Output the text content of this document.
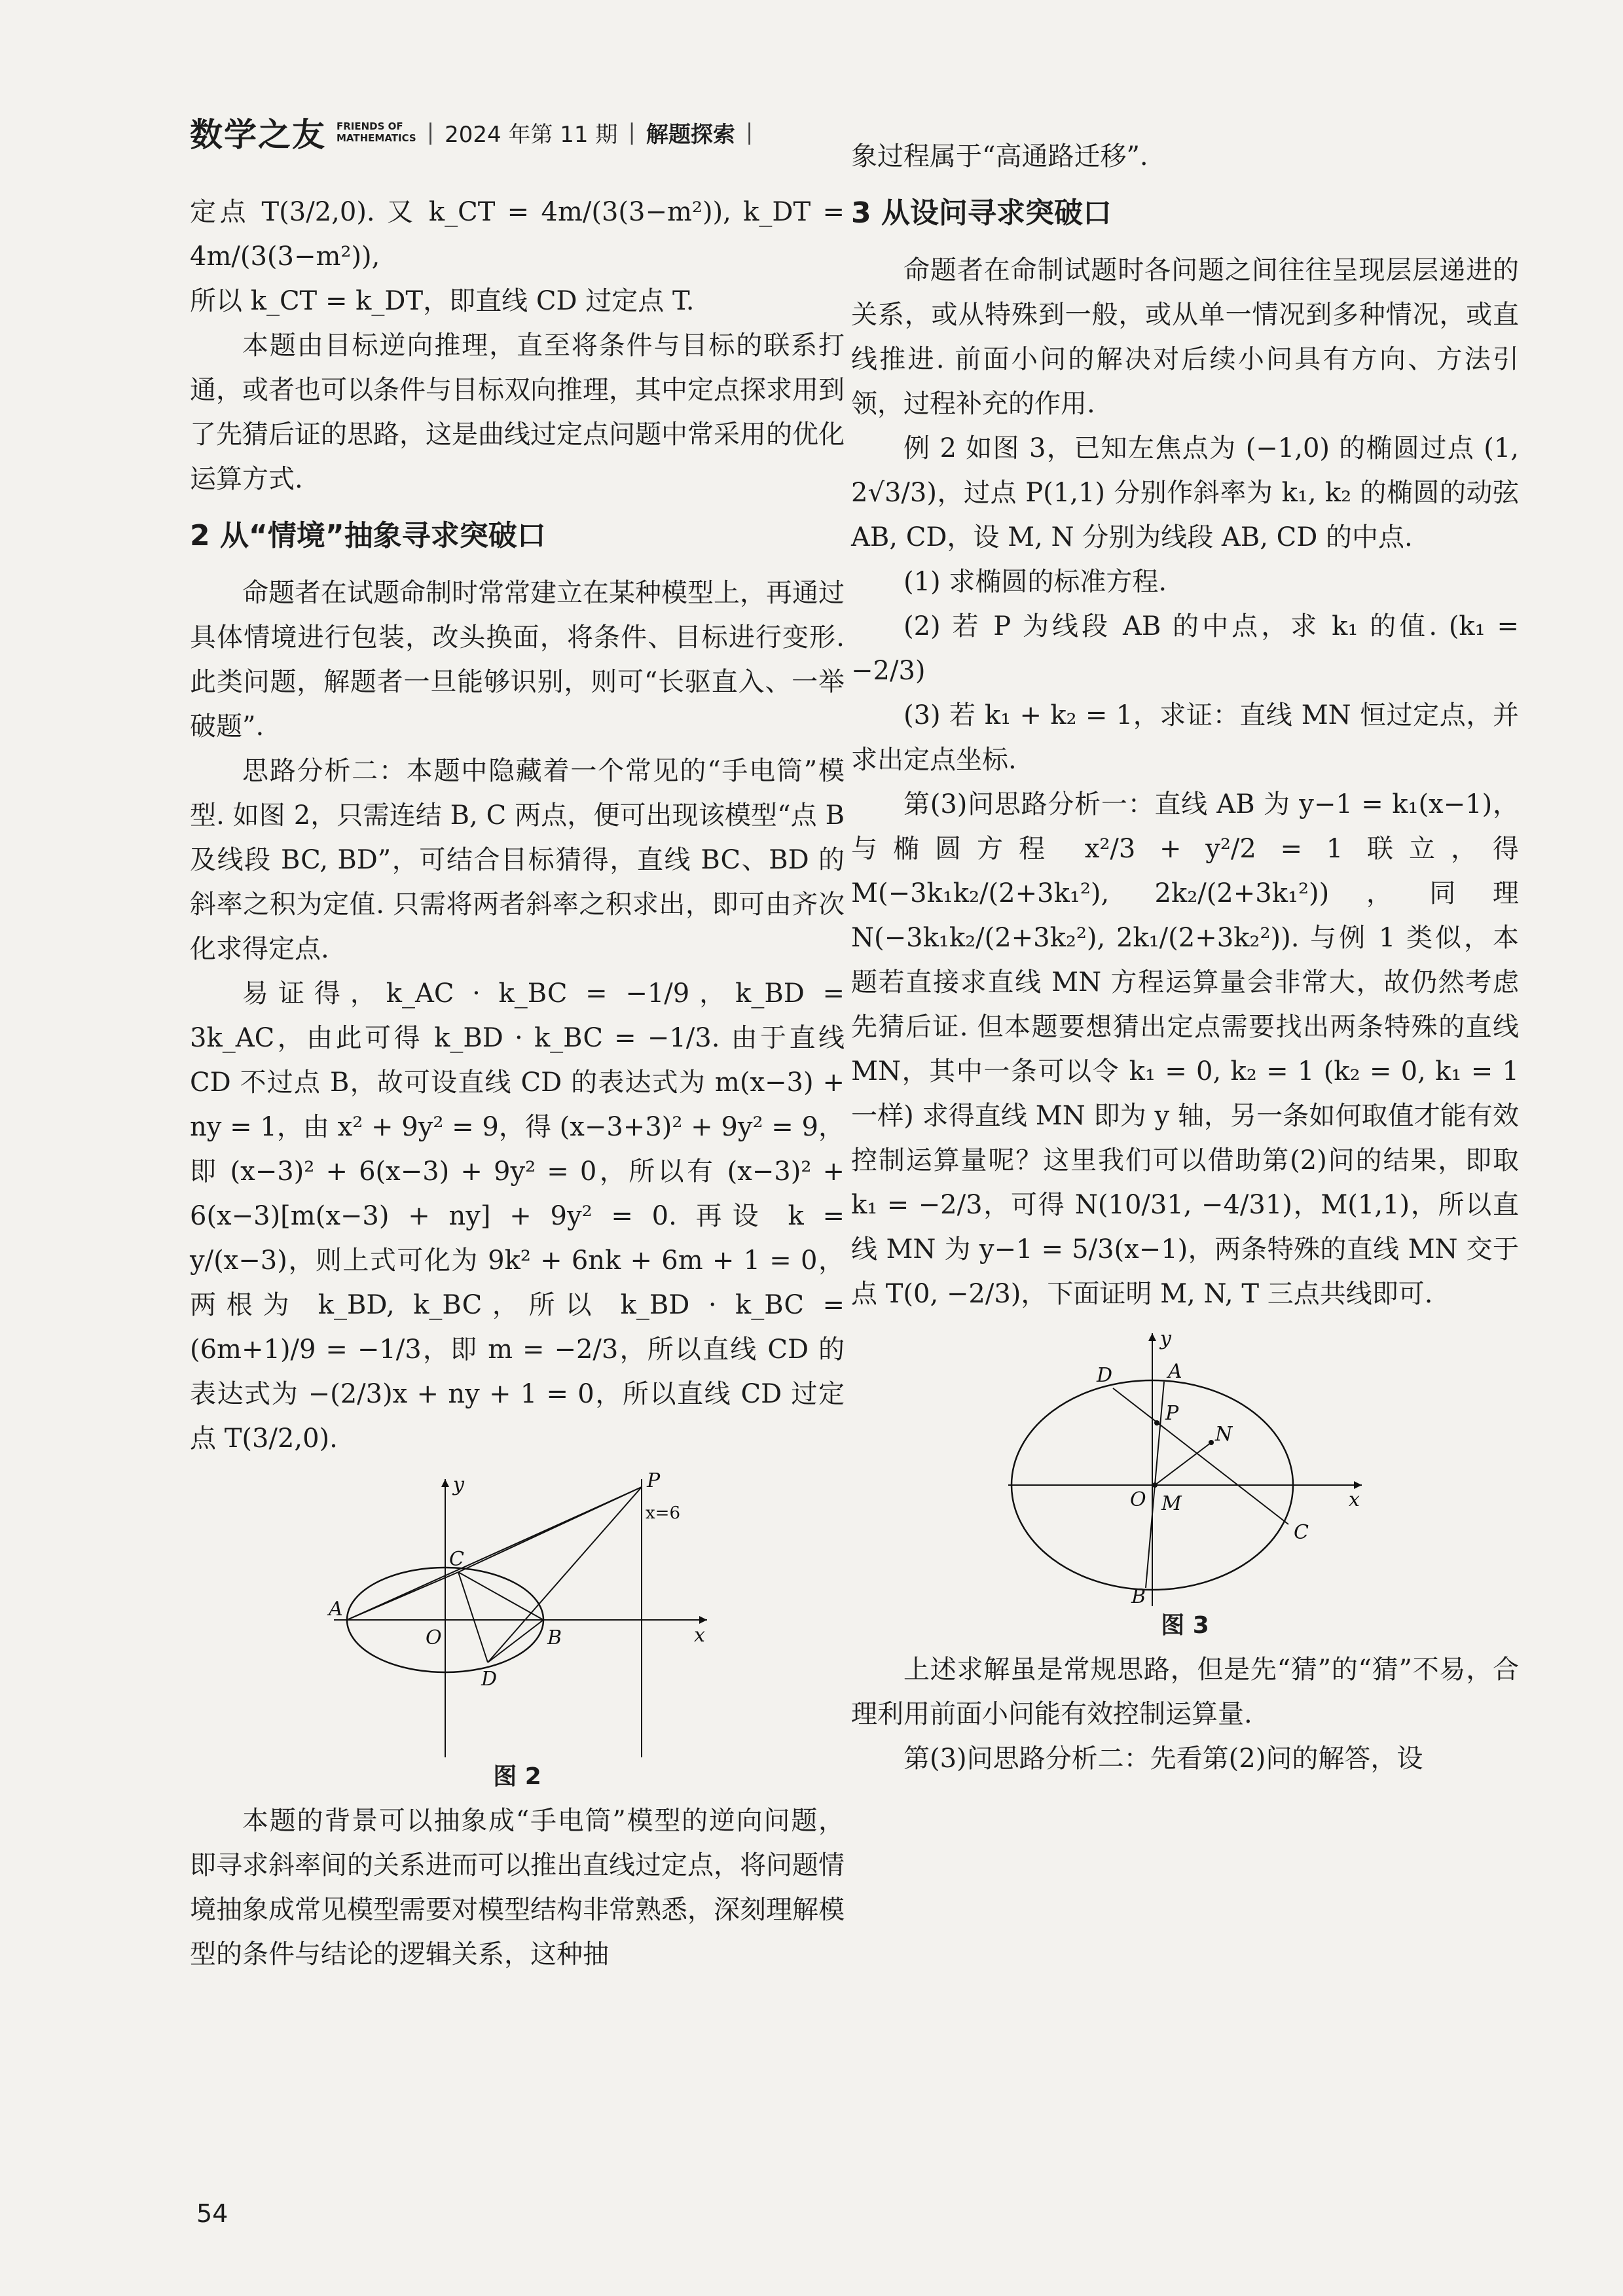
数学之友 FRIENDS OF
MATHEMATICS | 2024 年第 11 期 | 解题探索 |

定点 T(3/2,0). 又 k_CT = 4m/(3(3−m²)), k_DT = 4m/(3(3−m²)),

所以 k_CT = k_DT，即直线 CD 过定点 T.

本题由目标逆向推理，直至将条件与目标的联系打通，或者也可以条件与目标双向推理，其中定点探求用到了先猜后证的思路，这是曲线过定点问题中常采用的优化运算方式.

2 从“情境”抽象寻求突破口

命题者在试题命制时常常建立在某种模型上，再通过具体情境进行包装，改头换面，将条件、目标进行变形. 此类问题，解题者一旦能够识别，则可“长驱直入、一举破题”.

思路分析二：本题中隐藏着一个常见的“手电筒”模型. 如图 2，只需连结 B, C 两点，便可出现该模型“点 B 及线段 BC, BD”，可结合目标猜得，直线 BC、BD 的斜率之积为定值. 只需将两者斜率之积求出，即可由齐次化求得定点.

易证得，k_AC · k_BC = −1/9，k_BD = 3k_AC，由此可得 k_BD · k_BC = −1/3. 由于直线 CD 不过点 B，故可设直线 CD 的表达式为 m(x−3) + ny = 1，由 x² + 9y² = 9，得 (x−3+3)² + 9y² = 9，即 (x−3)² + 6(x−3) + 9y² = 0，所以有 (x−3)² + 6(x−3)[m(x−3) + ny] + 9y² = 0. 再设 k = y/(x−3)，则上式可化为 9k² + 6nk + 6m + 1 = 0，两根为 k_BD, k_BC，所以 k_BD · k_BC = (6m+1)/9 = −1/3，即 m = −2/3，所以直线 CD 的表达式为 −(2/3)x + ny + 1 = 0，所以直线 CD 过定点 T(3/2,0).

y
x
O
A
B
C
D
P
x=6
图 2

本题的背景可以抽象成“手电筒”模型的逆向问题，即寻求斜率间的关系进而可以推出直线过定点，将问题情境抽象成常见模型需要对模型结构非常熟悉，深刻理解模型的条件与结论的逻辑关系，这种抽

象过程属于“高通路迁移”.

3 从设问寻求突破口

命题者在命制试题时各问题之间往往呈现层层递进的关系，或从特殊到一般，或从单一情况到多种情况，或直线推进. 前面小问的解决对后续小问具有方向、方法引领，过程补充的作用.

例 2 如图 3，已知左焦点为 (−1,0) 的椭圆过点 (1, 2√3/3)，过点 P(1,1) 分别作斜率为 k₁, k₂ 的椭圆的动弦 AB, CD，设 M, N 分别为线段 AB, CD 的中点.

(1) 求椭圆的标准方程.

(2) 若 P 为线段 AB 的中点，求 k₁ 的值. (k₁ = −2/3)

(3) 若 k₁ + k₂ = 1，求证：直线 MN 恒过定点，并求出定点坐标.

第(3)问思路分析一：直线 AB 为 y−1 = k₁(x−1)，与椭圆方程 x²/3 + y²/2 = 1 联立，得 M(−3k₁k₂/(2+3k₁²), 2k₂/(2+3k₁²))，同理 N(−3k₁k₂/(2+3k₂²), 2k₁/(2+3k₂²)). 与例 1 类似，本题若直接求直线 MN 方程运算量会非常大，故仍然考虑先猜后证. 但本题要想猜出定点需要找出两条特殊的直线 MN，其中一条可以令 k₁ = 0, k₂ = 1 (k₂ = 0, k₁ = 1 一样) 求得直线 MN 即为 y 轴，另一条如何取值才能有效控制运算量呢？这里我们可以借助第(2)问的结果，即取 k₁ = −2/3，可得 N(10/31, −4/31)，M(1,1)，所以直线 MN 为 y−1 = 5/3(x−1)，两条特殊的直线 MN 交于点 T(0, −2/3)，下面证明 M, N, T 三点共线即可.

y
x
O M
N
P
A
B
D
C
图 3

上述求解虽是常规思路，但是先“猜”的“猜”不易，合理利用前面小问能有效控制运算量.

第(3)问思路分析二：先看第(2)问的解答，设

54
